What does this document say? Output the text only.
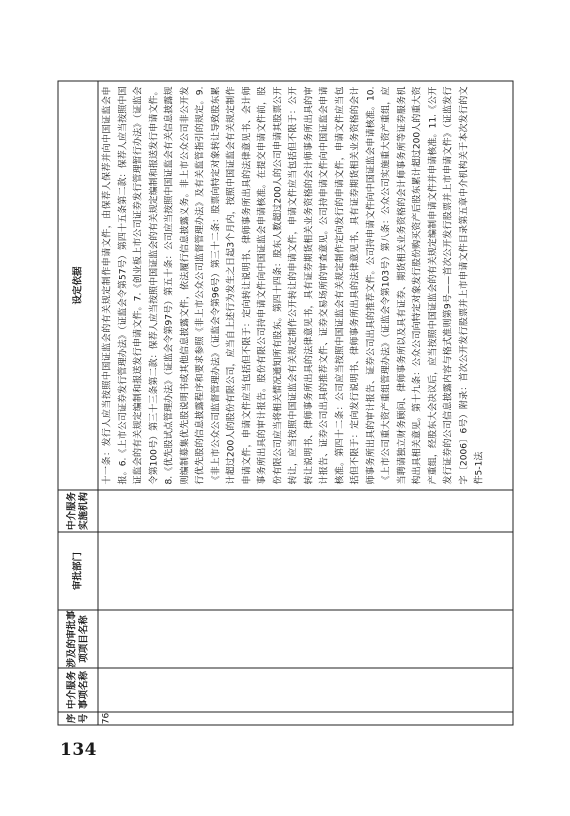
134
序号	中介服务事项名称	涉及的审批事项项目名称	审批部门	中介服务实施机构	设定依据
76					十一条：发行人应当按照中国证监会的有关规定制作申请文件，由保荐人保荐并向中国证监会申报。6.《上市公司证券发行管理办法》（证监会令第57号）第四十五条第二款：保荐人应当按照中国证监会的有关规定编制和报送发行申请文件。7.《创业板上市公司证券发行管理暂行办法》（证监会令第100号）第三十三条第二款：保荐人应当按照中国证监会的有关规定编制和报送发行申请文件。8.《优先股试点管理办法》（证监会令第97号）第五十条：公司应当按照中国证监会有关信息披露规则编制募集优先股说明书或其他信息披露文件，依法履行信息披露义务。非上市公众公司非公开发行优先股的信息披露程序和要求参照《非上市公众公司监督管理办法》及有关监管指引的规定。9.《非上市公众公司监督管理办法》（证监会令第96号）第三十二条：股票向特定对象转让导致股东累计超过200人的股份有限公司，应当自上述行为发生之日起3个月内，按照中国证监会有关规定制作申请文件，申请文件应当包括但不限于：定向转让说明书、律师事务所出具的法律意见书、会计师事务所出具的审计报告。股份有限公司持申请文件向中国证监会申请核准。在提交申请文件前，股份有限公司应当将相关情况通知所有股东。第四十四条：股东人数超过200人的公司申请其股票公开转让，应当按照中国证监会有关规定制作公开转让的申请文件，申请文件应当包括但不限于：公开转让说明书、律师事务所出具的法律意见书，具有证券期货相关业务资格的会计师事务所出具的审计报告、证券公司出具的推荐文件、证券交易场所的审查意见。公司持申请文件向中国证监会申请核准。第四十二条：公司应当按照中国证监会有关规定制作定向发行的申请文件，申请文件应当包括但不限于：定向发行说明书、律师事务所出具的法律意见书、具有证券期货相关业务资格的会计师事务所出具的审计报告、证券公司出具的推荐文件。公司持申请文件向中国证监会申请核准。10.《上市公司重大资产重组管理办法》（证监会令第103号）第八条：公众公司实施重大资产重组，应当聘请独立财务顾问、律师事务所以及具有证券、期货相关业务资格的会计师事务所等证券服务机构出具相关意见。第十九条：公众公司向特定对象发行股份购买资产后股东累计超过200人的重大资产重组，经股东大会决议后，应当按照中国证监会的有关规定编制申请文件并申请核准。11.《公开发行证券的公司信息披露内容与格式准则第9号——首次公开发行股票并上市申请文件》（证监发行字〔2006〕6号）附录：首次公开发行股票并上市申请文件目录第五章中介机构关于本次发行的文件5-1法
